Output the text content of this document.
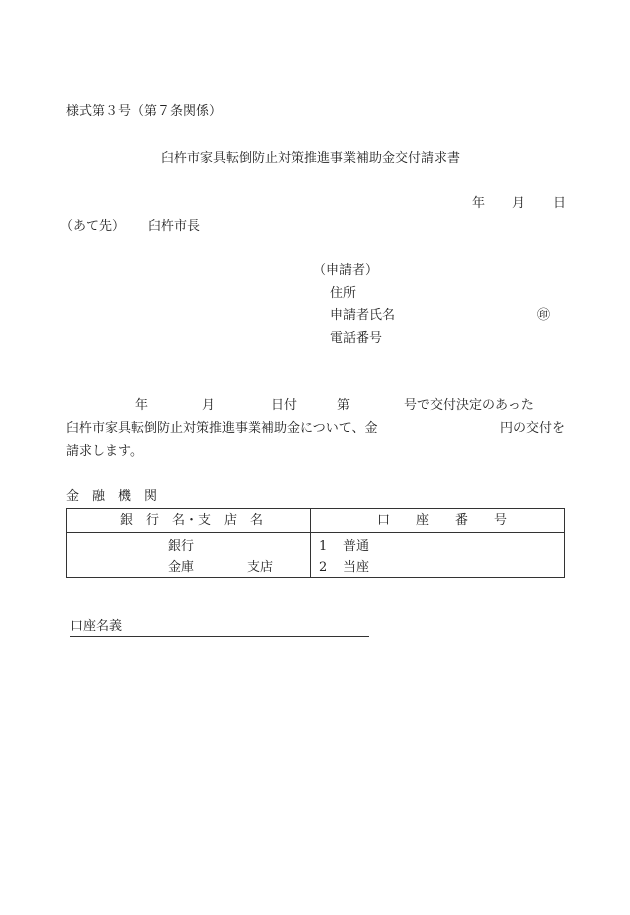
様式第３号（第７条関係）
臼杵市家具転倒防止対策推進事業補助金交付請求書
年 月 日
（あて先） 臼杵市長
（申請者）
住所
申請者氏名	㊞
電話番号
年	月	日付	第	号で交付決定のあった
臼杵市家具転倒防止対策推進事業補助金について、金	円の交付を
請求します。
金　融　機　関
銀　行　名・支　店　名	口　　座　　番　　号
銀行	1 普通
金庫	支店	2 当座
口座名義
